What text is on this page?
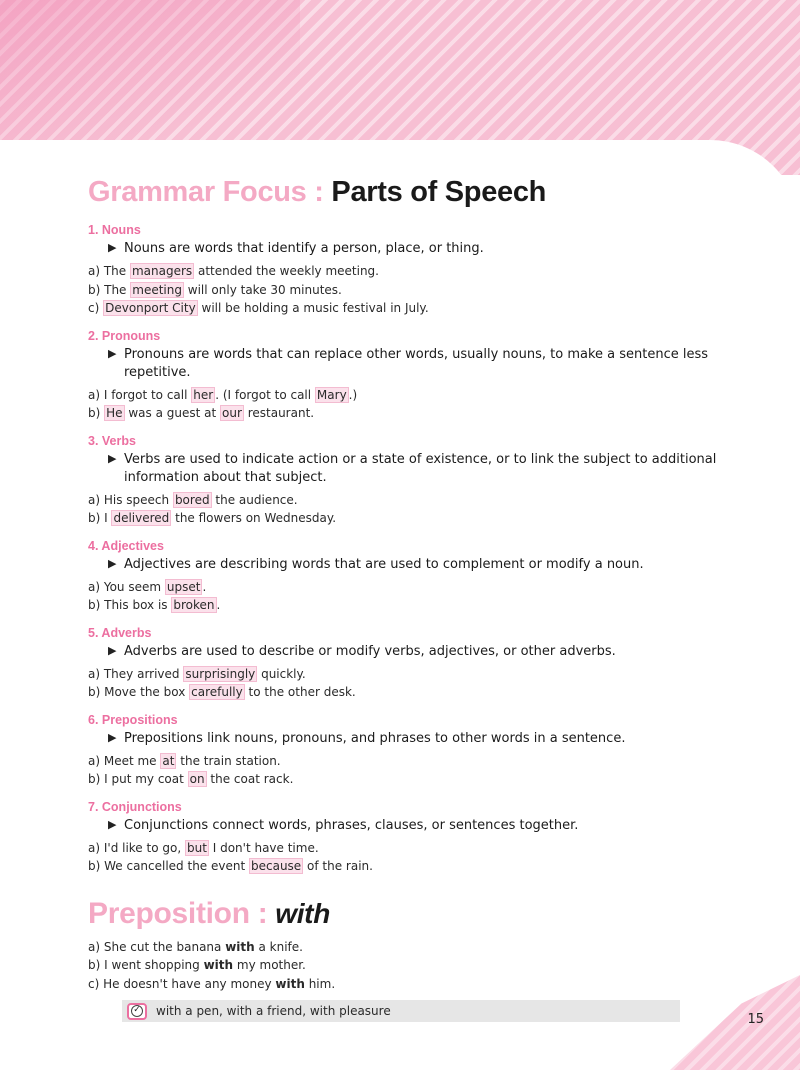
Grammar Focus : Parts of Speech
1. Nouns
▶ Nouns are words that identify a person, place, or thing.
a) The managers attended the weekly meeting.
b) The meeting will only take 30 minutes.
c) Devonport City will be holding a music festival in July.
2. Pronouns
▶ Pronouns are words that can replace other words, usually nouns, to make a sentence less repetitive.
a) I forgot to call her . (I forgot to call Mary .)
b) He was a guest at our restaurant.
3. Verbs
▶ Verbs are used to indicate action or a state of existence, or to link the subject to additional information about that subject.
a) His speech bored the audience.
b) I delivered the flowers on Wednesday.
4. Adjectives
▶ Adjectives are describing words that are used to complement or modify a noun.
a) You seem upset .
b) This box is broken .
5. Adverbs
▶ Adverbs are used to describe or modify verbs, adjectives, or other adverbs.
a) They arrived surprisingly quickly.
b) Move the box carefully to the other desk.
6. Prepositions
▶ Prepositions link nouns, pronouns, and phrases to other words in a sentence.
a) Meet me at the train station.
b) I put my coat on the coat rack.
7. Conjunctions
▶ Conjunctions connect words, phrases, clauses, or sentences together.
a) I'd like to go, but I don't have time.
b) We cancelled the event because of the rain.
Preposition : with
a) She cut the banana with a knife.
b) I went shopping with my mother.
c) He doesn't have any money with him.
✓ with a pen, with a friend, with pleasure
15
